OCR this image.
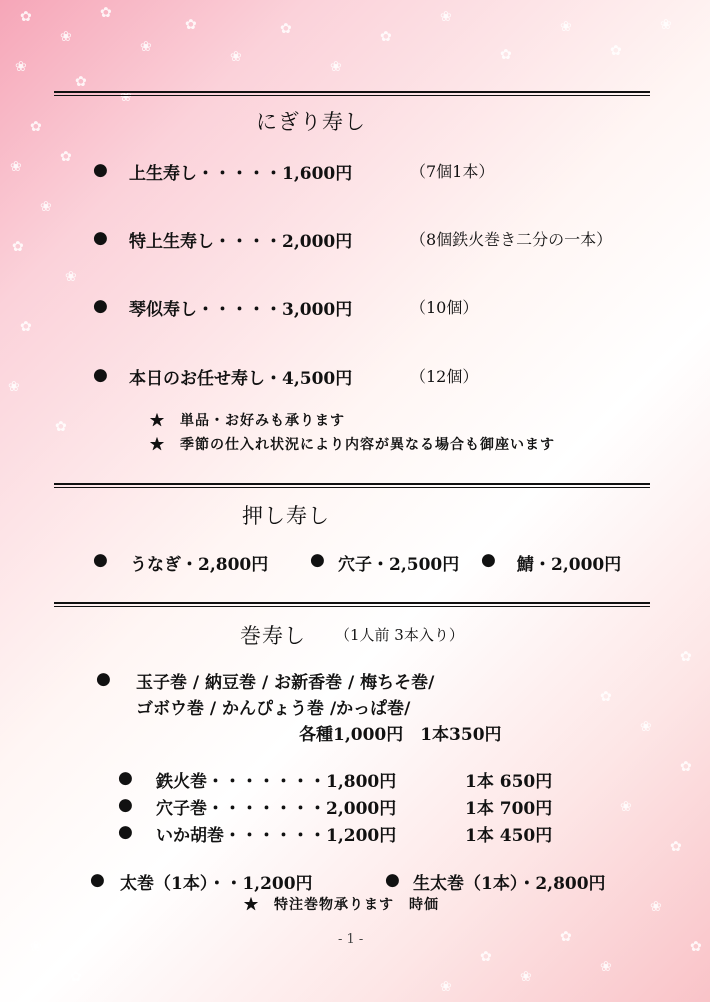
✿
❀
✿
❀
✿
❀
❀
✿
❀
✿
❀
✿
❀
✿
❀
✿
❀
✿
✿
❀
✿
❀
✿
❀
✿
❀
✿
❀
✿
❀
✿
❀
✿
❀
✿
❀
✿
❀
✿
❀
✿
にぎり寿し
● 上生寿し・・・・・1,600円	（7個1本）
● 特上生寿し・・・・2,000円	（8個鉄火巻き二分の一本）
● 琴似寿し・・・・・3,000円	（10個）
● 本日のお任せ寿し・4,500円	（12個）
★　単品・お好みも承ります
★　季節の仕入れ状況により内容が異なる場合も御座います
押し寿し
● うなぎ・2,800円 ● 穴子・2,500円 ● 鯖・2,000円
巻寿し （1人前 3本入り）
● 玉子巻 / 納豆巻 / お新香巻 / 梅ちそ巻/
ゴボウ巻 / かんぴょう巻 /かっぱ巻/
各種1,000円　1本350円
● 鉄火巻・・・・・・・1,800円	1本 650円
● 穴子巻・・・・・・・2,000円	1本 700円
● いか胡巻・・・・・・1,200円	1本 450円
● 太巻（1本）・・1,200円	● 生太巻（1本）・2,800円
★　特注巻物承ります　時価
- 1 -
